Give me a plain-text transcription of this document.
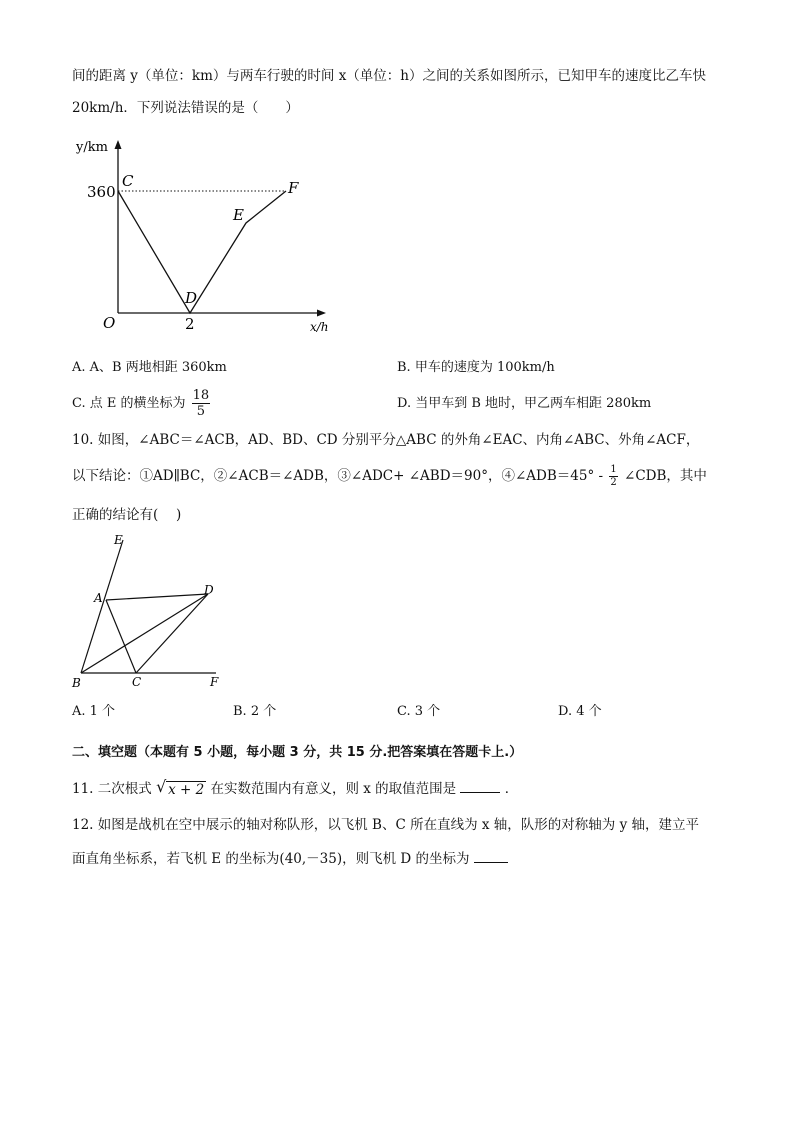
间的距离 y（单位：km）与两车行驶的时间 x（单位：h）之间的关系如图所示，已知甲车的速度比乙车快
20km/h．下列说法错误的是（　　）
y/km
x/h
O
360
2
C
D
E
F
A. A、B 两地相距 360km	B. 甲车的速度为 100km/h
C. 点 E 的横坐标为 $\frac{18}{5}$	D. 当甲车到 B 地时，甲乙两车相距 280km
10. 如图，∠ABC＝∠ACB，AD、BD、CD 分别平分△ABC 的外角∠EAC、内角∠ABC、外角∠ACF，
以下结论：①AD∥BC，②∠ACB＝∠ADB，③∠ADC+ ∠ABD＝90°，④∠ADB＝45° - $\frac{1}{2}$ ∠CDB，其中
正确的结论有(　 )
E
A
D
B	C	F
A. 1 个	B. 2 个	C. 3 个	D. 4 个
二、填空题（本题有 5 小题，每小题 3 分，共 15 分.把答案填在答题卡上.）
11. 二次根式 √ x + 2 在实数范围内有意义，则 x 的取值范围是	．
12. 如图是战机在空中展示的轴对称队形，以飞机 B、C 所在直线为 x 轴，队形的对称轴为 y 轴，建立平
面直角坐标系，若飞机 E 的坐标为(40,－35)，则飞机 D 的坐标为
